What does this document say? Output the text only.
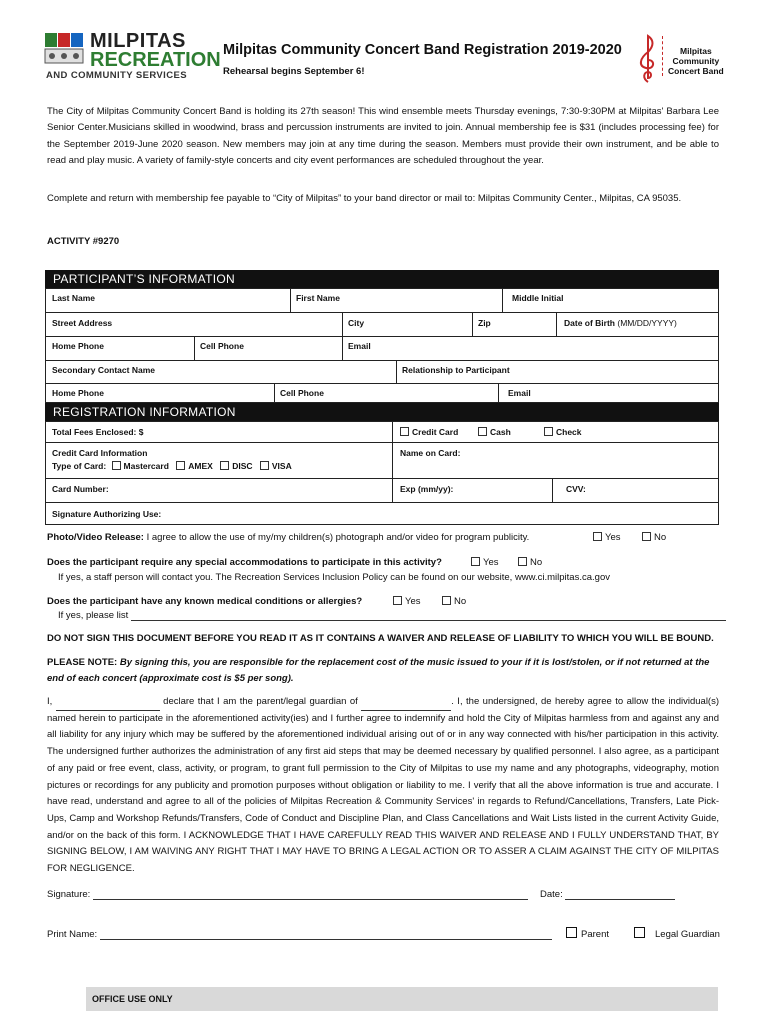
MILPITAS
RECREATION
AND COMMUNITY SERVICES
Milpitas Community Concert Band Registration 2019-2020
Rehearsal begins September 6!
Milpitas
Community
Concert Band
The City of Milpitas Community Concert Band is holding its 27th season! This wind ensemble meets Thursday evenings, 7:30-9:30PM at Milpitas' Barbara Lee Senior Center.Musicians skilled in woodwind, brass and percussion instruments are invited to join. Annual membership fee is $31 (includes processing fee) for the September 2019-June 2020 season. New members may join at any time during the season. Members must provide their own instrument, and be able to read and play music. A variety of family-style concerts and city event performances are scheduled throughout the year.
Complete and return with membership fee payable to “City of Milpitas” to your band director or mail to: Milpitas Community Center., Milpitas, CA 95035.
ACTIVITY #9270
PARTICIPANT’S INFORMATION
Last Name	First Name	Middle Initial
Street Address	City	Zip	Date of Birth (MM/DD/YYYY)
Home Phone	Cell Phone	Email
Secondary Contact Name	Relationship to Participant
Home Phone	Cell Phone	Email
REGISTRATION INFORMATION
Total Fees Enclosed: $	Credit Card	Cash	Check
Credit Card Information
Type of Card: Mastercard AMEX DISC VISA
Name on Card:
Card Number:	Exp (mm/yy):	CVV:
Signature Authorizing Use:
Photo/Video Release: I agree to allow the use of my/my children(s) photograph and/or video for program publicity.	Yes	No
Does the participant require any special accommodations to participate in this activity?	Yes	No
If yes, a staff person will contact you. The Recreation Services Inclusion Policy can be found on our website, www.ci.milpitas.ca.gov
Does the participant have any known medical conditions or allergies?	Yes	No
If yes, please list
DO NOT SIGN THIS DOCUMENT BEFORE YOU READ IT AS IT CONTAINS A WAIVER AND RELEASE OF LIABILITY TO WHICH YOU WILL BE BOUND.
PLEASE NOTE: By signing this, you are responsible for the replacement cost of the music issued to your if it is lost/stolen, or if not returned at the end of each concert (approximate cost is $5 per song).
I,	declare that I am the parent/legal guardian of	. I, the undersigned, de hereby agree to allow the individual(s) named herein to participate in the aforementioned activity(ies) and I further agree to indemnify and hold the City of Milpitas harmless from and against any and all liability for any injury which may be suffered by the aforementioned individual arising out of or in any way connected with his/her participation in this activity. The undersigned further authorizes the administration of any first aid steps that may be deemed necessary by qualified personnel. I also agree, as a participant of any paid or free event, class, activity, or program, to grant full permission to the City of Milpitas to use my name and any photographs, videography, motion pictures or recordings for any publicity and promotion purposes without obligation or liability to me. I verify that all the above information is true and accurate. I have read, understand and agree to all of the policies of Milpitas Recreation & Community Services' in regards to Refund/Cancellations, Transfers, Late Pick-Ups, Camp and Workshop Refunds/Transfers, Code of Conduct and Discipline Plan, and Class Cancellations and Wait Lists listed in the current Activity Guide, and/or on the back of this form. I ACKNOWLEDGE THAT I HAVE CAREFULLY READ THIS WAIVER AND RELEASE AND I FULLY UNDERSTAND THAT, BY SIGNING BELOW, I AM WAIVING ANY RIGHT THAT I MAY HAVE TO BRING A LEGAL ACTION OR TO ASSER A CLAIM AGAINST THE CITY OF MILPITAS FOR NEGLIGENCE.
Signature:	Date:
Print Name:	Parent	Legal Guardian
OFFICE USE ONLY
